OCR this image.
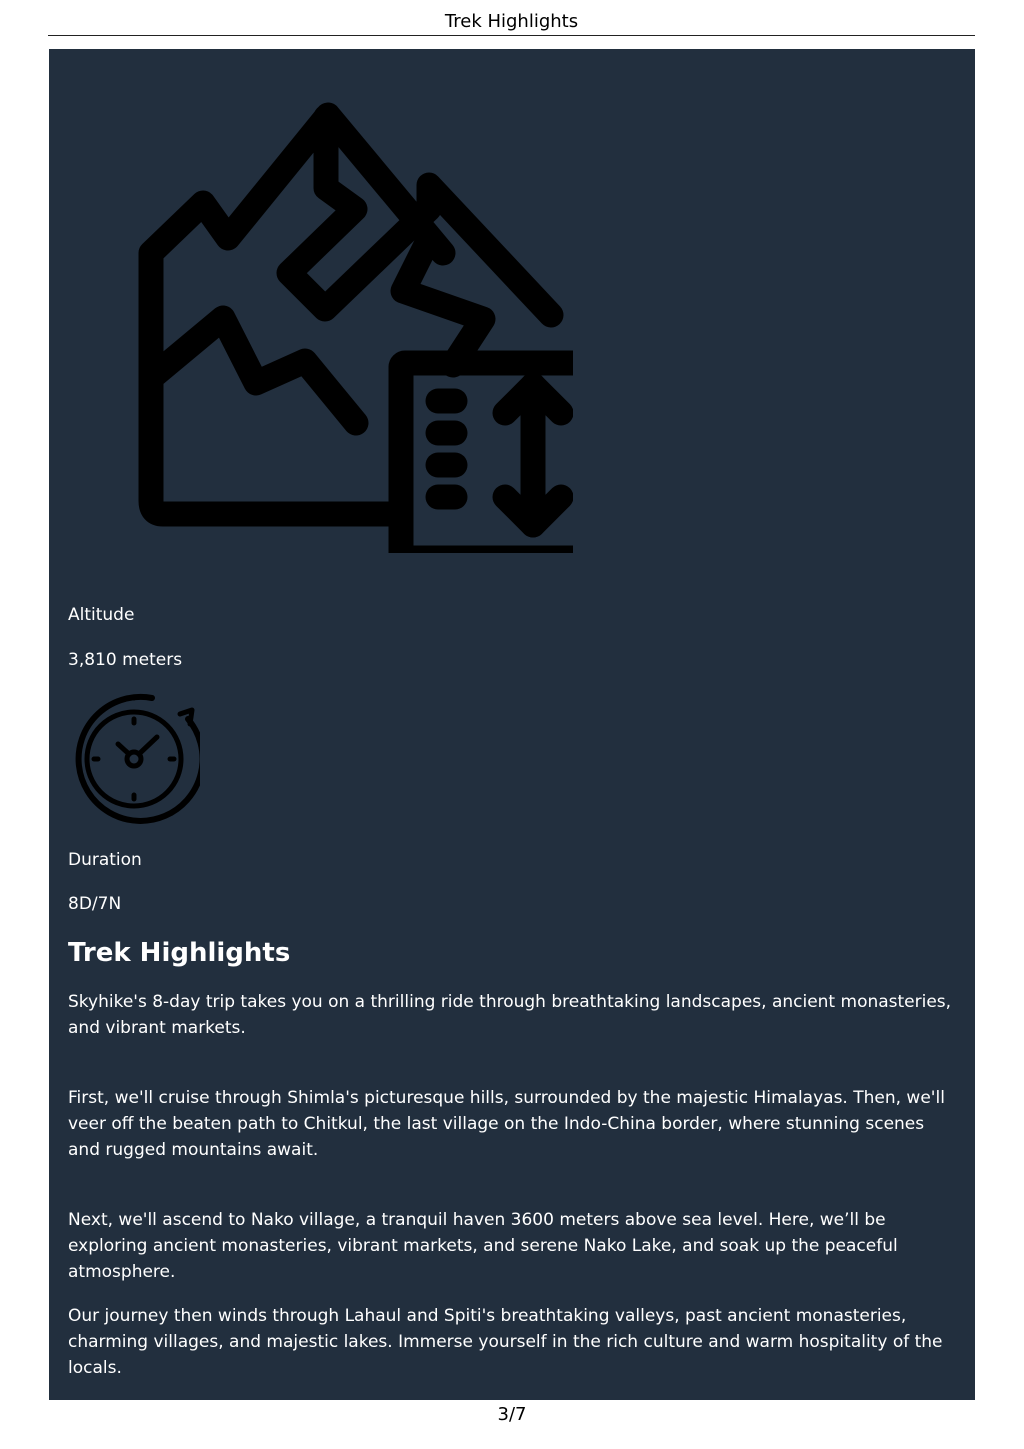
Trek Highlights

Altitude

3,810 meters

Duration

8D/7N

Trek Highlights

Skyhike's 8-day trip takes you on a thrilling ride through breathtaking landscapes, ancient monasteries, and vibrant markets.

First, we'll cruise through Shimla's picturesque hills, surrounded by the majestic Himalayas. Then, we'll veer off the beaten path to Chitkul, the last village on the Indo-China border, where stunning scenes and rugged mountains await.

Next, we'll ascend to Nako village, a tranquil haven 3600 meters above sea level. Here, we’ll be exploring ancient monasteries, vibrant markets, and serene Nako Lake, and soak up the peaceful atmosphere.

Our journey then winds through Lahaul and Spiti's breathtaking valleys, past ancient monasteries, charming villages, and majestic lakes. Immerse yourself in the rich culture and warm hospitality of the locals.

3/7
